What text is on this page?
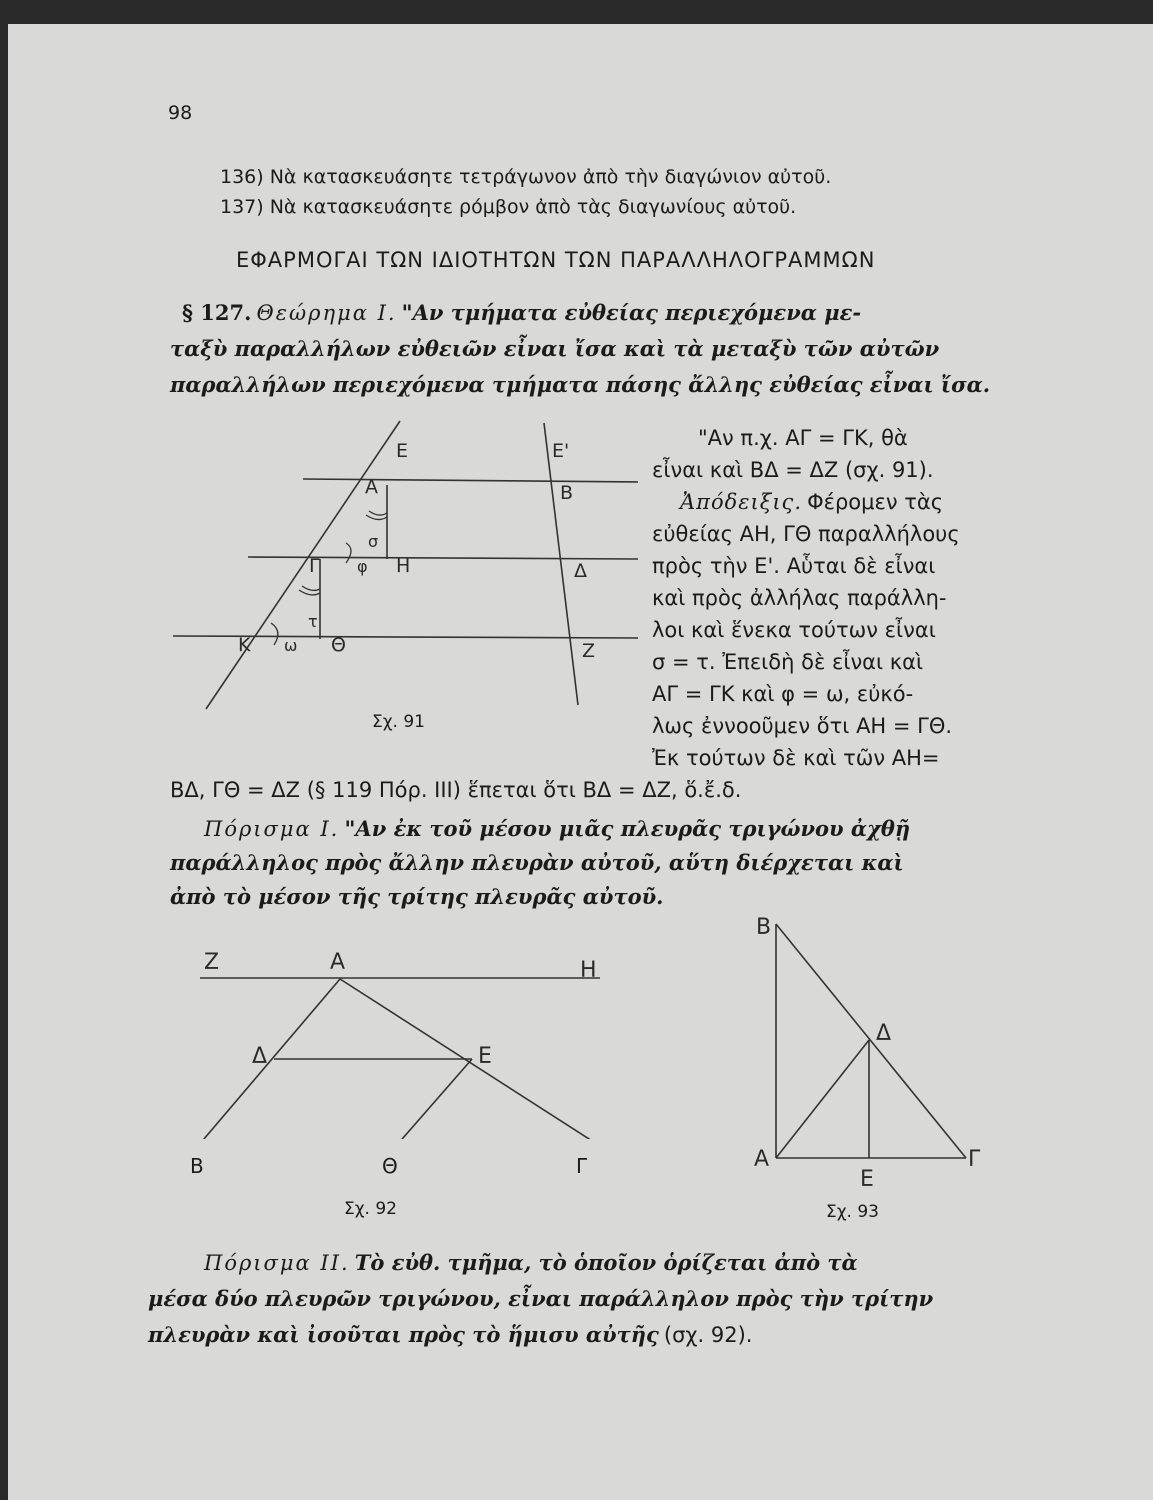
98
136) Νὰ κατασκευάσητε τετράγωνον ἀπὸ τὴν διαγώνιον αὐτοῦ.
137) Νὰ κατασκευάσητε ρόμβον ἀπὸ τὰς διαγωνίους αὐτοῦ.
ΕΦΑΡΜΟΓΑΙ ΤΩΝ ΙΔΙΟΤΗΤΩΝ ΤΩΝ ΠΑΡΑΛΛΗΛΟΓΡΑΜΜΩΝ
§ 127. Θεώρημα Ι. "Αν τμήματα εὐθείας περιεχόμενα με-
ταξὺ παραλλήλων εὐθειῶν εἶναι ἴσα καὶ τὰ μεταξὺ τῶν αὐτῶν
παραλλήλων περιεχόμενα τμήματα πάσης ἄλλης εὐθείας εἶναι ἴσα.
Ε	Ε'
Α	Β
σ
Γ φ Η	Δ
τ
Κ ω Θ	Ζ
Σχ. 91
"Αν π.χ. ΑΓ = ΓΚ, θὰ
εἶναι καὶ ΒΔ = ΔΖ (σχ. 91).
Ἀπόδειξις. Φέρομεν τὰς
εὐθείας ΑΗ, ΓΘ παραλλήλους
πρὸς τὴν Ε'. Αὗται δὲ εἶναι
καὶ πρὸς ἀλλήλας παράλλη-
λοι καὶ ἕνεκα τούτων εἶναι
σ = τ. Ἐπειδὴ δὲ εἶναι καὶ
ΑΓ = ΓΚ καὶ φ = ω, εὐκό-
λως ἐννοοῦμεν ὅτι ΑΗ = ΓΘ.
Ἐκ τούτων δὲ καὶ τῶν ΑΗ=
ΒΔ, ΓΘ = ΔΖ (§ 119 Πόρ. ΙΙΙ) ἕπεται ὅτι ΒΔ = ΔΖ, ὅ.ἔ.δ.
Πόρισμα Ι. "Αν ἐκ τοῦ μέσου μιᾶς πλευρᾶς τριγώνου ἀχθῇ
παράλληλος πρὸς ἄλλην πλευρὰν αὐτοῦ, αὕτη διέρχεται καὶ
ἀπὸ τὸ μέσον τῆς τρίτης πλευρᾶς αὐτοῦ.
Ζ	Α	Η
Δ	Ε
Β	Θ	Γ
Σχ. 92
Β
Δ
Α	Γ
Ε
Σχ. 93
Πόρισμα ΙΙ. Τὸ εὐθ. τμῆμα, τὸ ὁποῖον ὁρίζεται ἀπὸ τὰ
μέσα δύο πλευρῶν τριγώνου, εἶναι παράλληλον πρὸς τὴν τρίτην
πλευρὰν καὶ ἰσοῦται πρὸς τὸ ἥμισυ αὐτῆς (σχ. 92).
